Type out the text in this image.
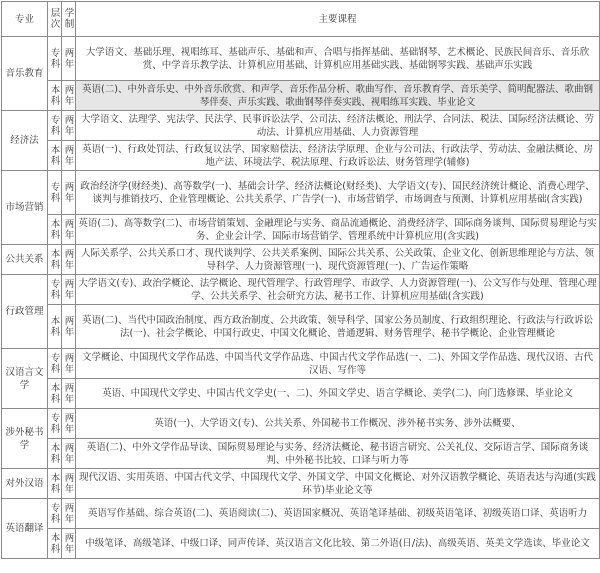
专业	层次	学制	主要课程
音乐教育	专科	两年	大学语文、基础乐理、视唱练耳、基础声乐、基础和声、合唱与指挥基础、基础钢琴、艺术概论、民族民间音乐、音乐欣赏、中学音乐教学法、计算机应用基础、计算机应用基础实践、基础钢琴实践、基础声乐实践

	本科	两年	英语(二)、中外音乐史、中外音乐欣赏、和声学、音乐作品分析、歌曲写作、音乐教育学、音乐美学、简明配器法、歌曲钢琴伴奏、声乐实践、歌曲钢琴伴奏实践、视唱练耳实践、毕业论文
经济法	专科	两年	大学语文、法理学、宪法学、民法学、民事诉讼法学、公司法、经济法概论、刑法学、合同法、税法、国际经济法概论、劳动法、计算机应用基础、人力资源管理

	本科	两年	英语(一)、行政处罚法、行政复议法学、国家赔偿法、经济法学原理、企业与公司法、行政法学、劳动法、金融法概论、房地产法、环境法学、税法原理、行政诉讼法、财务管理学(辅修)
市场营销	专科	两年	政治经济学(财经类)、高等数学(一)、基础会计学、经济法概论(财经类)、大学语文(专)、国民经济统计概论、消费心理学、谈判与推销技巧、企业管理概论、公共关系学、广告学(一)、市场营销学、市场调查与预测、计算机应用基础(含实践)

	本科	两年	英语(二)、高等数学(二)、市场营销策划、金融理论与实务、商品流通概论、消费经济学、国际商务谈判、国际贸易理论与实务、企业会计学、国际市场营销学、管理系统中计算机应用(含实践)
公共关系	本科	两年	人际关系学、公共关系口才、现代谈判学、公共关系案例、国际公共关系、公关政策、企业文化、创新思维理论与方法、领导科学、人力资源管理(一)、现代资源管理(一)、广告运作策略
行政管理	专科	两年	大学语文(专)、政治学概论、法学概论、现代管理学、行政管理学、市政学、人力资源管理(一)、公文写作与处理、管理心理学、公共关系学、社会研究方法、秘书工作、计算机应用基础(含实践)

	本科	两年	英语(二)、当代中国政治制度、西方政治制度、公共政策、领导科学、国家公务员制度、行政组织理论、行政法与行政诉讼法(一)、社会学概论、中国行政史、中国文化概论、普通逻辑、财务管理学、秘书学概论、企业管理概论
汉语言文学	专科	两年	文学概论、中国现代文学作品选、中国当代文学作品选、中国古代文学作品选(一、二)、外国文学作品选、现代汉语、古代汉语、写作等

	本科	两年	英语、中国现代文学史、中国古代文学史(一、二)、外国文学史、语言学概论、美学(二)、向门选修课、毕业论文
涉外秘书学	专科	两年	英语(一)、大学语文(专)、公共关系、外国秘书工作概况、涉外秘书实务、涉外法概要、

	本科	两年	英语(二)、中外文学作品导读、国际贸易理论与实务、经济法概论、秘书语言研究、公关礼仪、交际语言学、国际商务谈判、中外秘书比较、口译与听力等
对外汉语	本科	两年	现代汉语、实用英语、中国古代文学、中国现代文学、外国文学、中国文化概论、对外汉语教学概论、英语表达与沟通(实践环节)毕业论文等
英语翻译	专科	两年	英语写作基础、综合英语(二)、英语阅读(二)、英语国家概况、英语笔译基础、初级英语笔译、初级英语口译、英语听力

	本科	两年	中级笔译、高级笔译、中级口译、同声传译、英汉语言文化比较、第二外语(日/法)、高级英语、英美文学选读、毕业论文
